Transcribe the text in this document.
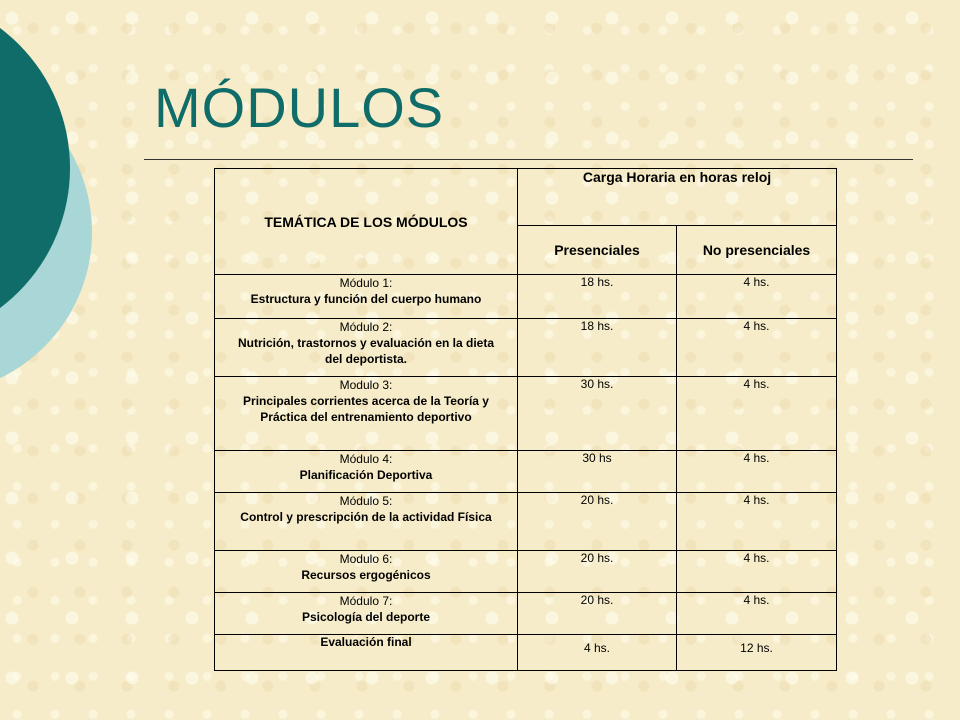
MÓDULOS
TEMÁTICA DE LOS MÓDULOS	Carga Horaria en horas reloj	
	Presenciales	No presenciales

Módulo 1:
Estructura y función del cuerpo humano	18 hs.	4 hs.

Módulo 2:
Nutrición, trastornos y evaluación en la dieta del deportista.	18 hs.	4 hs.

Modulo 3:
Principales corrientes acerca de la Teoría y Práctica del entrenamiento deportivo	30 hs.	4 hs.

Módulo 4:
Planificación Deportiva	30 hs	4 hs.

Módulo 5:
Control y prescripción de la actividad Física	20 hs.	4 hs.

Modulo 6:
Recursos ergogénicos	20 hs.	4 hs.

Módulo 7:
Psicología del deporte	20 hs.	4 hs.
Evaluación final	4 hs.	12 hs.
